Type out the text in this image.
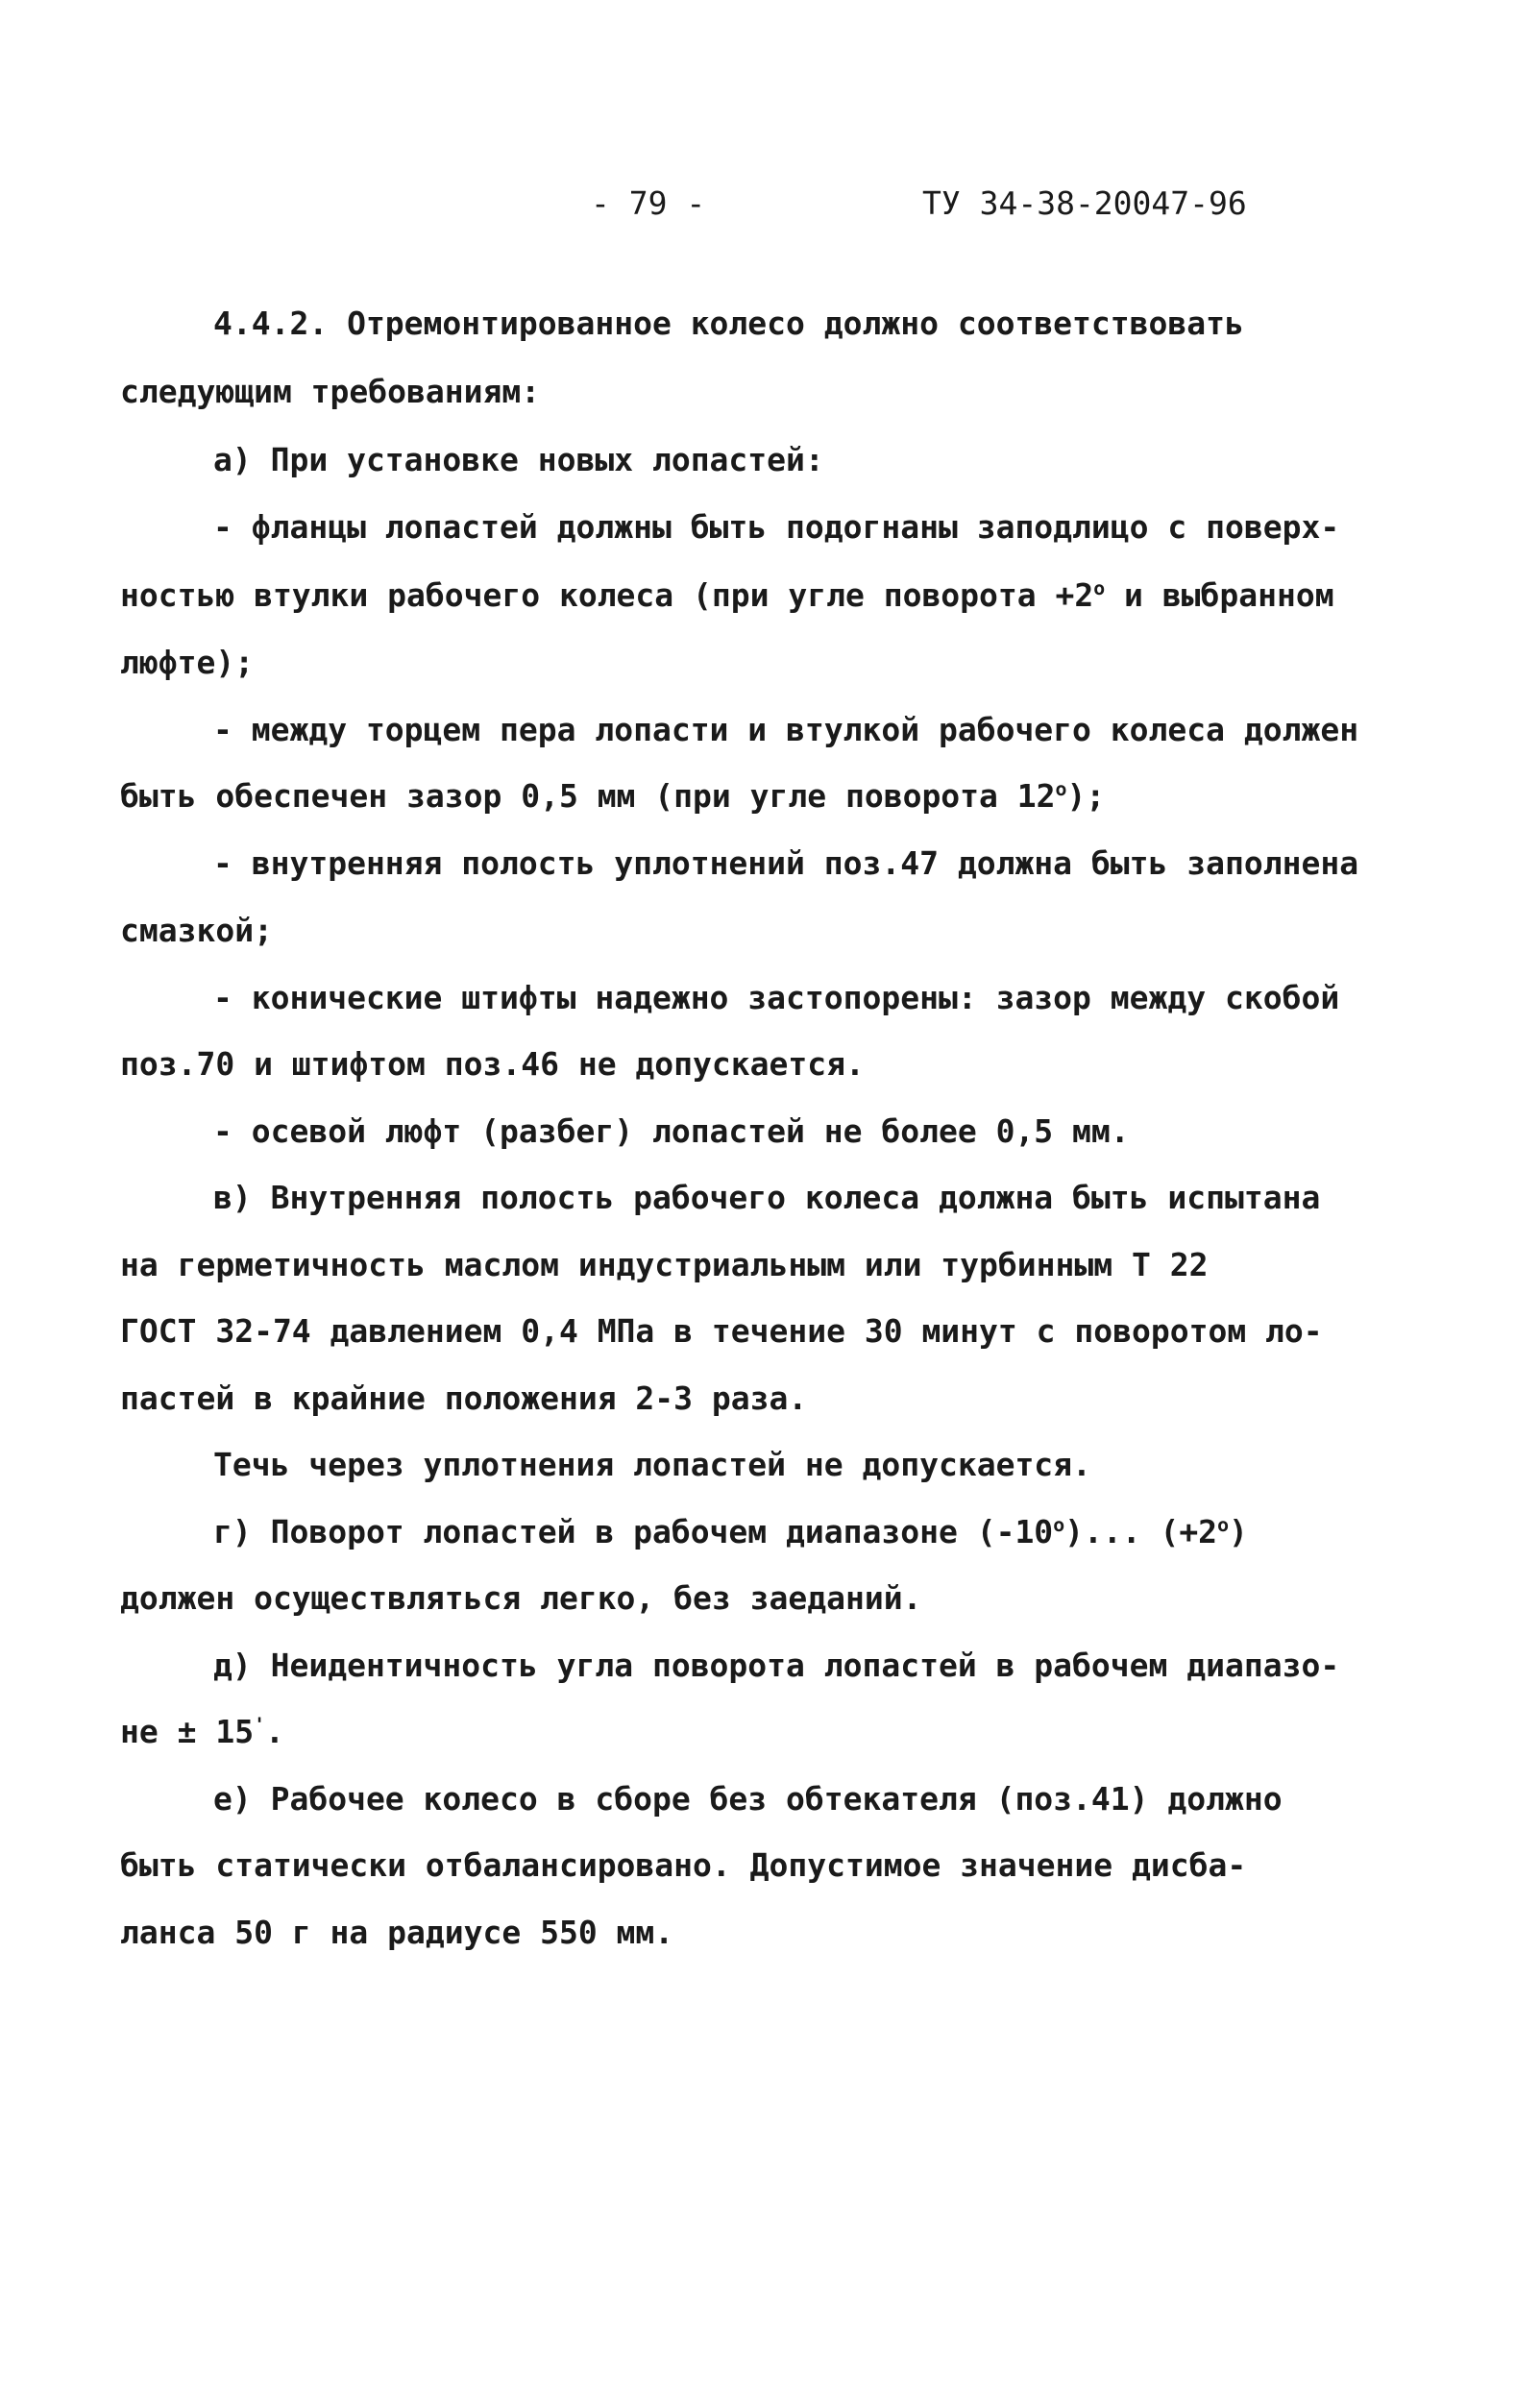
- 79 -	ТУ 34-38-20047-96
4.4.2. Отремонтированное колесо должно соответствовать
следующим требованиям:
а) При установке новых лопастей:
- фланцы лопастей должны быть подогнаны заподлицо с поверх-
ностью втулки рабочего колеса (при угле поворота $+2^о$ и выбранном
люфте);
- между торцем пера лопасти и втулкой рабочего колеса должен
быть обеспечен зазор 0,5 мм (при угле поворота $12^о$);
- внутренняя полость уплотнений поз.47 должна быть заполнена
смазкой;
- конические штифты надежно застопорены: зазор между скобой
поз.70 и штифтом поз.46 не допускается.
- осевой люфт (разбег) лопастей не более 0,5 мм.
в) Внутренняя полость рабочего колеса должна быть испытана
на герметичность маслом индустриальным или турбинным Т 22
ГОСТ 32-74 давлением 0,4 МПа в течение 30 минут с поворотом ло-
пастей в крайние положения 2-3 раза.
Течь через уплотнения лопастей не допускается.
г) Поворот лопастей в рабочем диапазоне $(-10^о)$... $(+2^о)$
должен осуществляться легко, без заеданий.
д) Неидентичность угла поворота лопастей в рабочем диапазо-
не ± 15'.
е) Рабочее колесо в сборе без обтекателя (поз.41) должно
быть статически отбалансировано. Допустимое значение дисба-
ланса 50 г на радиусе 550 мм.
